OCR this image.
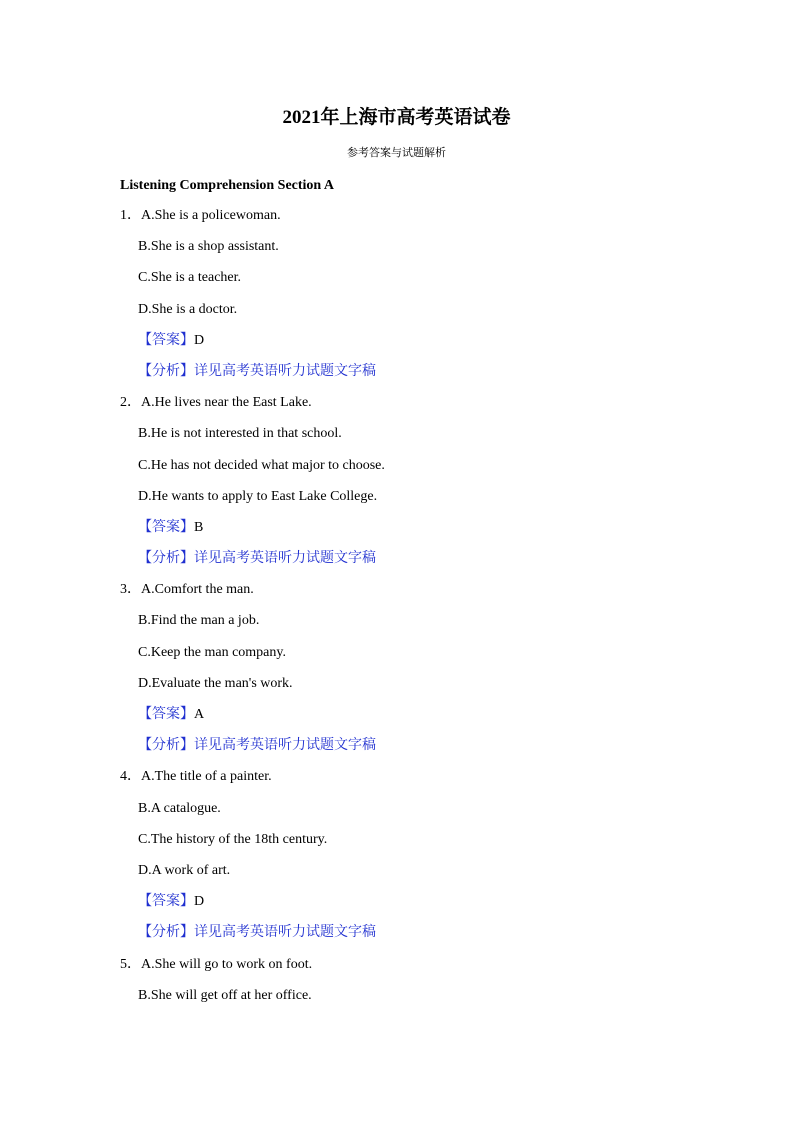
2021年上海市高考英语试卷
参考答案与试题解析
Listening Comprehension Section A
1．A.She is a policewoman.
B.She is a shop assistant.
C.She is a teacher.
D.She is a doctor.
【答案】D
【分析】详见高考英语听力试题文字稿
2．A.He lives near the East Lake.
B.He is not interested in that school.
C.He has not decided what major to choose.
D.He wants to apply to East Lake College.
【答案】B
【分析】详见高考英语听力试题文字稿
3．A.Comfort the man.
B.Find the man a job.
C.Keep the man company.
D.Evaluate the man's work.
【答案】A
【分析】详见高考英语听力试题文字稿
4．A.The title of a painter.
B.A catalogue.
C.The history of the 18th century.
D.A work of art.
【答案】D
【分析】详见高考英语听力试题文字稿
5．A.She will go to work on foot.
B.She will get off at her office.
